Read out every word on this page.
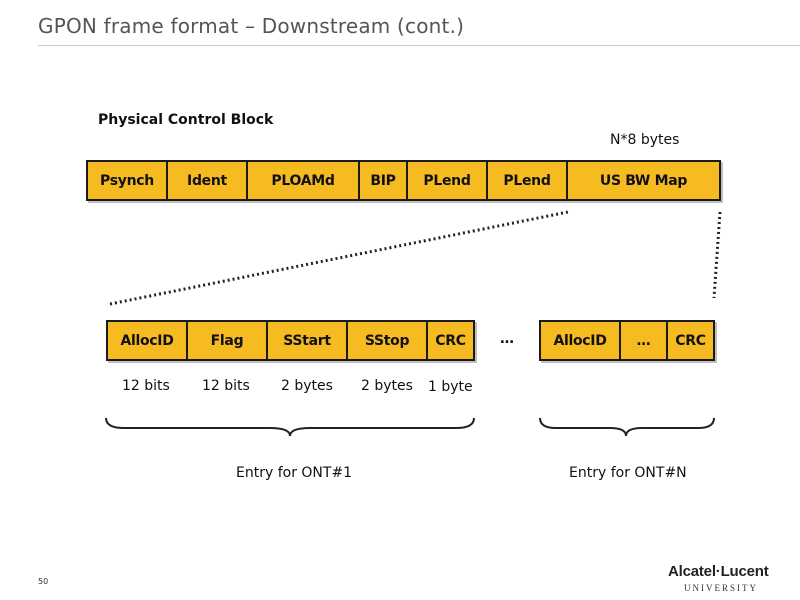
GPON frame format – Downstream (cont.)
Physical Control Block
N*8 bytes
Psynch	Ident	PLOAMd	BIP	PLend	PLend	US BW Map
AllocID	Flag	SStart	SStop	CRC	…	AllocID	…	CRC
12 bits 12 bits 2 bytes 2 bytes 1 byte
Entry for ONT#1	Entry for ONT#N
50
Alcatel·Lucent
UNIVERSITY
